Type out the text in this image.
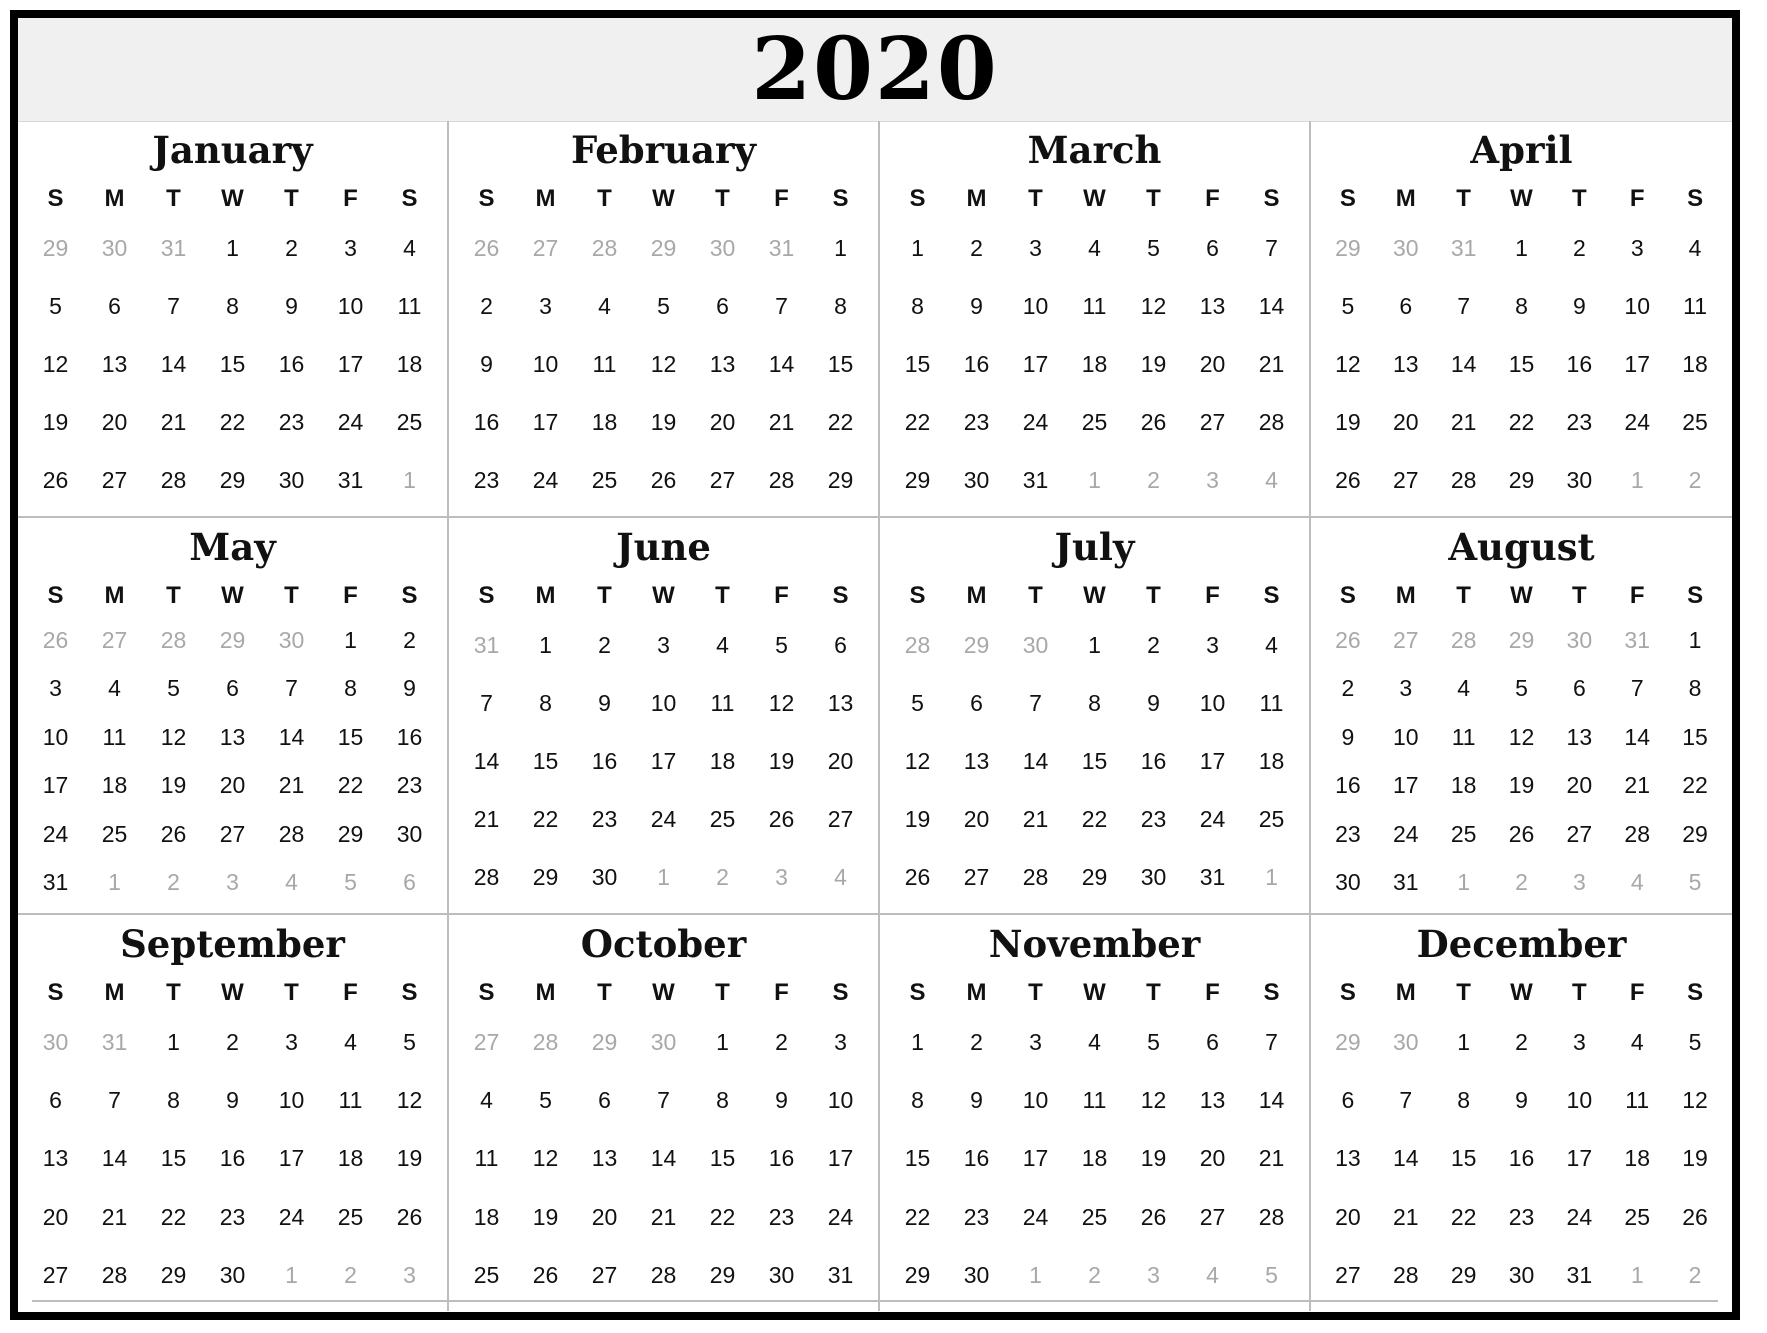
2020
January
S	M	T	W	T	F	S
29	30	31	1	2	3	4
5	6	7	8	9	10	11
12	13	14	15	16	17	18
19	20	21	22	23	24	25
26	27	28	29	30	31	1
February
S	M	T	W	T	F	S
26	27	28	29	30	31	1
2	3	4	5	6	7	8
9	10	11	12	13	14	15
16	17	18	19	20	21	22
23	24	25	26	27	28	29
March
S	M	T	W	T	F	S
1	2	3	4	5	6	7
8	9	10	11	12	13	14
15	16	17	18	19	20	21
22	23	24	25	26	27	28
29	30	31	1	2	3	4
April
S	M	T	W	T	F	S
29	30	31	1	2	3	4
5	6	7	8	9	10	11
12	13	14	15	16	17	18
19	20	21	22	23	24	25
26	27	28	29	30	1	2
May
S	M	T	W	T	F	S
26	27	28	29	30	1	2
3	4	5	6	7	8	9
10	11	12	13	14	15	16
17	18	19	20	21	22	23
24	25	26	27	28	29	30
31	1	2	3	4	5	6
June
S	M	T	W	T	F	S
31	1	2	3	4	5	6
7	8	9	10	11	12	13
14	15	16	17	18	19	20
21	22	23	24	25	26	27
28	29	30	1	2	3	4
July
S	M	T	W	T	F	S
28	29	30	1	2	3	4
5	6	7	8	9	10	11
12	13	14	15	16	17	18
19	20	21	22	23	24	25
26	27	28	29	30	31	1
August
S	M	T	W	T	F	S
26	27	28	29	30	31	1
2	3	4	5	6	7	8
9	10	11	12	13	14	15
16	17	18	19	20	21	22
23	24	25	26	27	28	29
30	31	1	2	3	4	5
September
S	M	T	W	T	F	S
30	31	1	2	3	4	5
6	7	8	9	10	11	12
13	14	15	16	17	18	19
20	21	22	23	24	25	26
27	28	29	30	1	2	3
October
S	M	T	W	T	F	S
27	28	29	30	1	2	3
4	5	6	7	8	9	10
11	12	13	14	15	16	17
18	19	20	21	22	23	24
25	26	27	28	29	30	31
November
S	M	T	W	T	F	S
1	2	3	4	5	6	7
8	9	10	11	12	13	14
15	16	17	18	19	20	21
22	23	24	25	26	27	28
29	30	1	2	3	4	5
December
S	M	T	W	T	F	S
29	30	1	2	3	4	5
6	7	8	9	10	11	12
13	14	15	16	17	18	19
20	21	22	23	24	25	26
27	28	29	30	31	1	2
